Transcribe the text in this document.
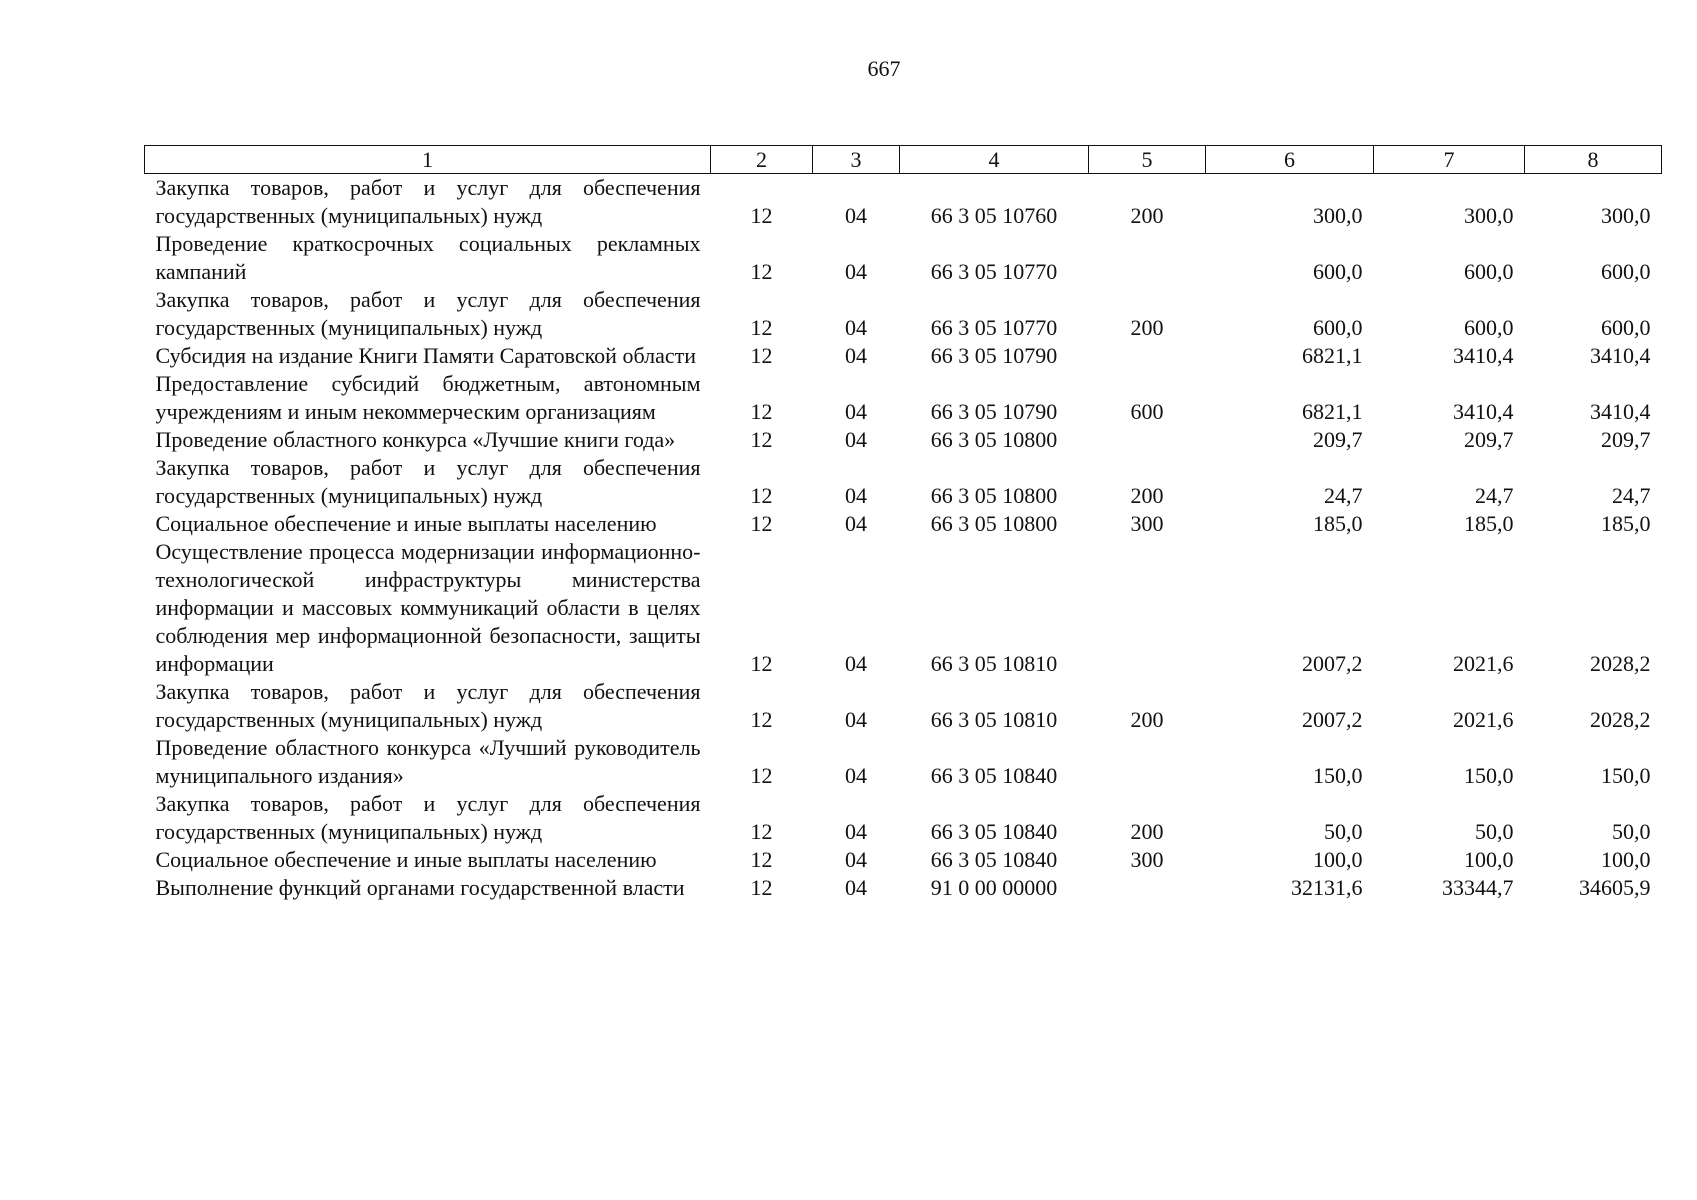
667
1	2	3	4	5	6	7	8
Закупка товаров, работ и услуг для обеспечения государственных (муниципальных) нужд	12	04	66 3 05 10760	200	300,0	300,0	300,0
Проведение краткосрочных социальных рекламных кампаний	12	04	66 3 05 10770		600,0	600,0	600,0
Закупка товаров, работ и услуг для обеспечения государственных (муниципальных) нужд	12	04	66 3 05 10770	200	600,0	600,0	600,0
Субсидия на издание Книги Памяти Саратовской области	12	04	66 3 05 10790		6821,1	3410,4	3410,4
Предоставление субсидий бюджетным, автономным учреждениям и иным некоммерческим организациям	12	04	66 3 05 10790	600	6821,1	3410,4	3410,4
Проведение областного конкурса «Лучшие книги года»	12	04	66 3 05 10800		209,7	209,7	209,7
Закупка товаров, работ и услуг для обеспечения государственных (муниципальных) нужд	12	04	66 3 05 10800	200	24,7	24,7	24,7
Социальное обеспечение и иные выплаты населению	12	04	66 3 05 10800	300	185,0	185,0	185,0
Осуществление процесса модернизации информационно-технологической инфраструктуры министерства информации и массовых коммуникаций области в целях соблюдения мер информационной безопасности, защиты информации	12	04	66 3 05 10810		2007,2	2021,6	2028,2
Закупка товаров, работ и услуг для обеспечения государственных (муниципальных) нужд	12	04	66 3 05 10810	200	2007,2	2021,6	2028,2
Проведение областного конкурса «Лучший руководитель муниципального издания»	12	04	66 3 05 10840		150,0	150,0	150,0
Закупка товаров, работ и услуг для обеспечения государственных (муниципальных) нужд	12	04	66 3 05 10840	200	50,0	50,0	50,0
Социальное обеспечение и иные выплаты населению	12	04	66 3 05 10840	300	100,0	100,0	100,0
Выполнение функций органами государственной власти	12	04	91 0 00 00000		32131,6	33344,7	34605,9
